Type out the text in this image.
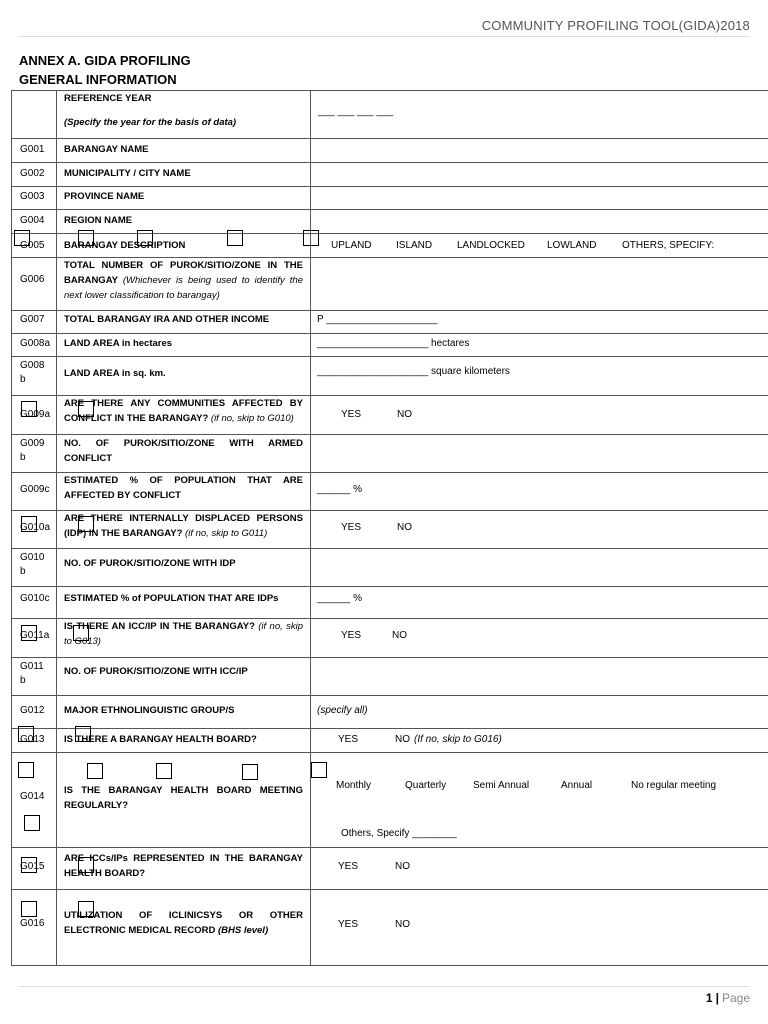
COMMUNITY PROFILING TOOL(GIDA)2018
ANNEX A. GIDA PROFILING
GENERAL INFORMATION
REFERENCE YEAR
(Specify the year for the basis of data)
___ ___ ___ ___
G001 BARANGAY NAME
G002 MUNICIPALITY / CITY NAME
G003 PROVINCE NAME
G004 REGION NAME
G005 BARANGAY DESCRIPTION	UPLAND ISLAND LANDLOCKED LOWLAND	OTHERS, SPECIFY:
G006
TOTAL NUMBER OF PUROK/SITIO/ZONE IN THE BARANGAY (Whichever is being used to identify the next lower classification to barangay)
G007 TOTAL BARANGAY IRA AND OTHER INCOME	P ____________________
G008a LAND AREA in hectares	____________________ hectares
G008 b
LAND AREA in sq. km.	____________________ square kilometers
G009a
ARE THERE ANY COMMUNITIES AFFECTED BY CONFLICT IN THE BARANGAY? (if no, skip to G010)	YES	NO
G009 b
NO. OF PUROK/SITIO/ZONE WITH ARMED CONFLICT
G009c
ESTIMATED % OF POPULATION THAT ARE AFFECTED BY CONFLICT
______ %
G010a
ARE THERE INTERNALLY DISPLACED PERSONS (IDP) IN THE BARANGAY? (if no, skip to G011)
YES	NO
G010 b
NO. OF PUROK/SITIO/ZONE WITH IDP
G010c ESTIMATED % of POPULATION THAT ARE IDPs	______ %
G011a
IS THERE AN ICC/IP IN THE BARANGAY? (if no, skip to G013)
YES	NO
G011 b
NO. OF PUROK/SITIO/ZONE WITH ICC/IP
G012 MAJOR ETHNOLINGUISTIC GROUP/S	(specify all)
G013 IS THERE A BARANGAY HEALTH BOARD?	YES	NO (If no, skip to G016)
G014
IS THE BARANGAY HEALTH BOARD MEETING REGULARLY?
Monthly	Quarterly	Semi Annual	Annual	No regular meeting
Others, Specify ________
G015
ARE ICCs/IPs REPRESENTED IN THE BARANGAY HEALTH BOARD?
YES	NO
G016
UTILIZATION OF ICLINICSYS OR OTHER ELECTRONIC MEDICAL RECORD (BHS level)
YES	NO
1 | Page
